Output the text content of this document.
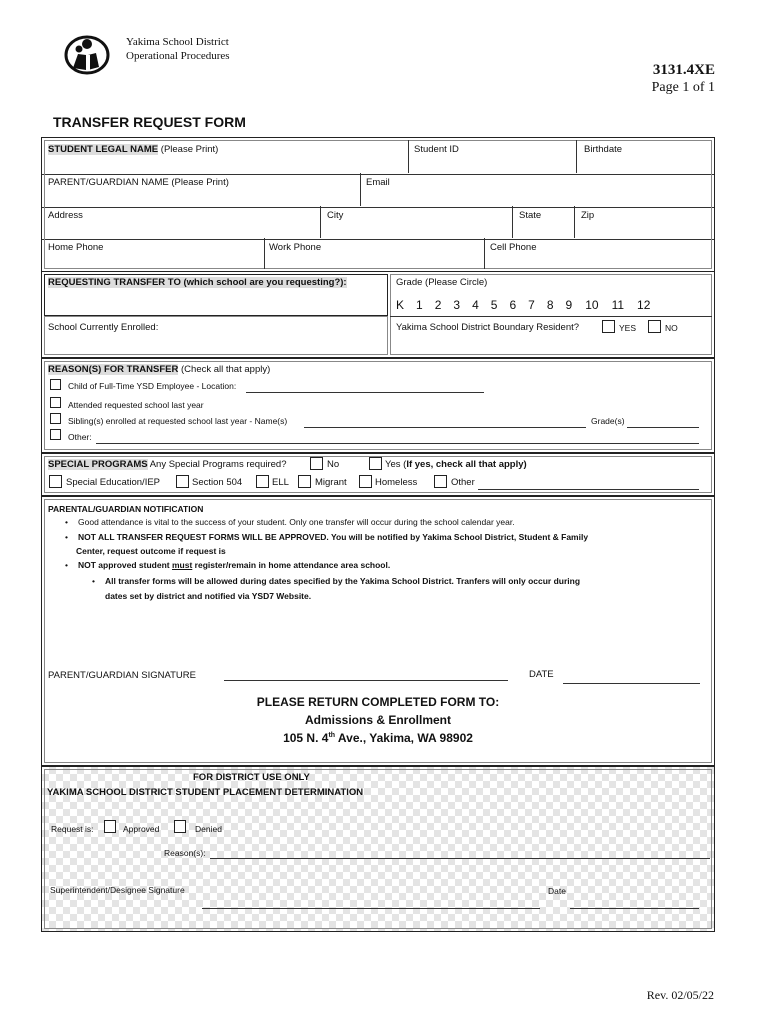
Yakima School District
Operational Procedures
3131.4XE
Page 1 of 1
TRANSFER REQUEST FORM
STUDENT LEGAL NAME (Please Print)	Student ID	Birthdate
PARENT/GUARDIAN NAME (Please Print)	Email
Address	City	State	Zip
Home Phone	Work Phone	Cell Phone
REQUESTING TRANSFER TO (which school are you requesting?):	Grade (Please Circle)
K 1 2 3 4 5 6 7 8 9 10 11 12
School Currently Enrolled:	Yakima School District Boundary Resident?	YES	NO
REASON(S) FOR TRANSFER (Check all that apply)
Child of Full-Time YSD Employee - Location:
Attended requested school last year
Sibling(s) enrolled at requested school last year - Name(s)	Grade(s)
Other:
SPECIAL PROGRAMS Any Special Programs required?	No	Yes (If yes, check all that apply)
Special Education/IEP	Section 504	ELL	Migrant	Homeless	Other
PARENTAL/GUARDIAN NOTIFICATION
• Good attendance is vital to the success of your student. Only one transfer will occur during the school calendar year.
• NOT ALL TRANSFER REQUEST FORMS WILL BE APPROVED. You will be notified by Yakima School District, Student & Family
Center, request outcome if request is
• NOT approved student must register/remain in home attendance area school.
• All transfer forms will be allowed during dates specified by the Yakima School District. Tranfers will only occur during
dates set by district and notified via YSD7 Website.
PARENT/GUARDIAN SIGNATURE	DATE
PLEASE RETURN COMPLETED FORM TO:
Admissions & Enrollment
105 N. 4th Ave., Yakima, WA 98902
FOR DISTRICT USE ONLY
YAKIMA SCHOOL DISTRICT STUDENT PLACEMENT DETERMINATION
Request is:	Approved	Denied
Reason(s):
Superintendent/Designee Signature	Date
Rev. 02/05/22
